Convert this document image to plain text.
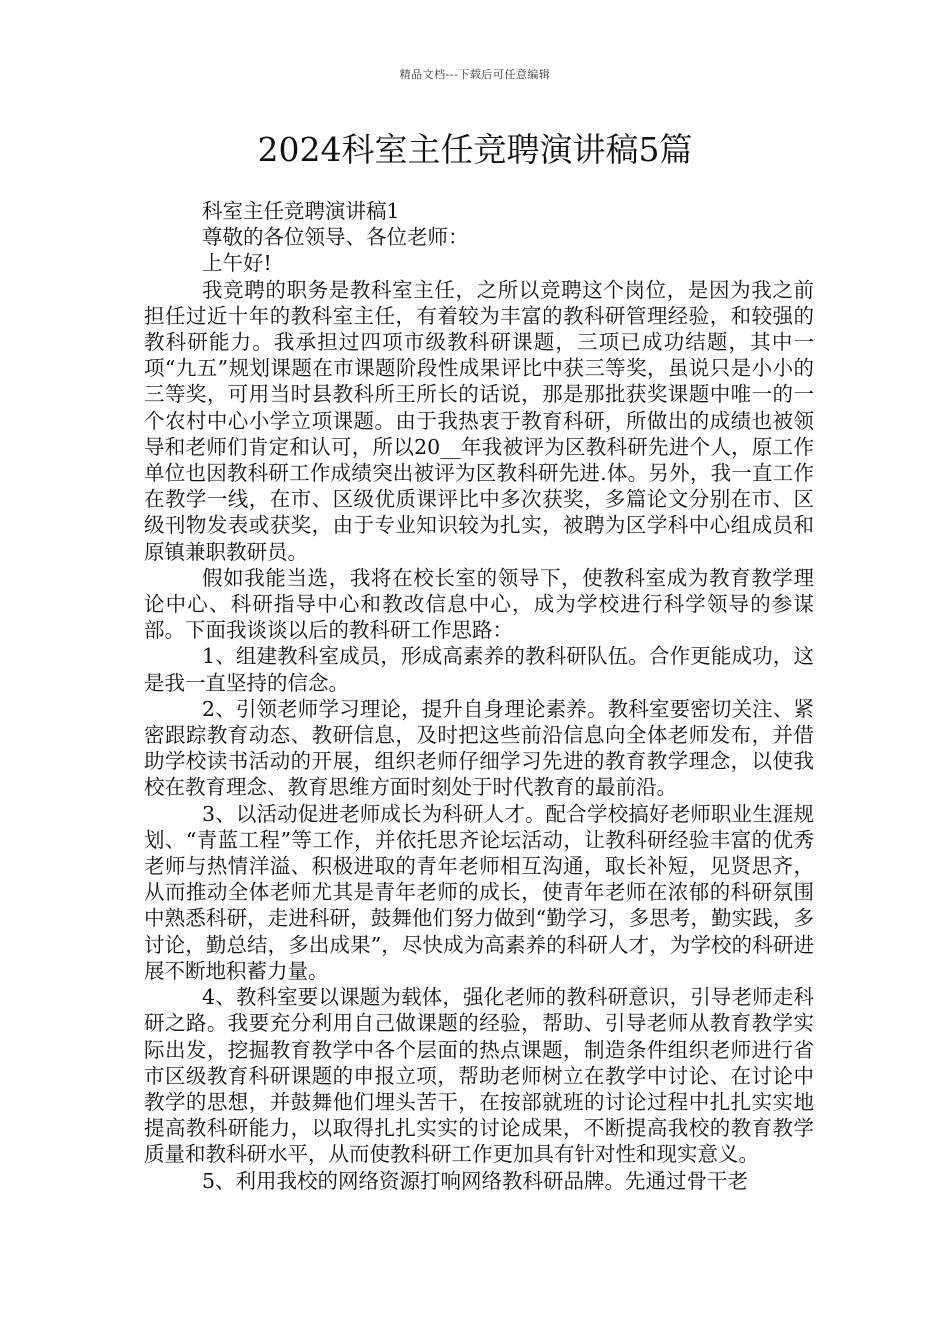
精品文档---下载后可任意编辑
2024科室主任竞聘演讲稿5篇

科室主任竞聘演讲稿1

尊敬的各位领导、各位老师：

上午好!

我竞聘的职务是教科室主任，之所以竞聘这个岗位，是因为我之前担任过近十年的教科室主任，有着较为丰富的教科研管理经验，和较强的教科研能力。我承担过四项市级教科研课题，三项已成功结题，其中一项“九五”规划课题在市课题阶段性成果评比中获三等奖，虽说只是小小的三等奖，可用当时县教科所王所长的话说，那是那批获奖课题中唯一的一个农村中心小学立项课题。由于我热衷于教育科研，所做出的成绩也被领导和老师们肯定和认可，所以20__年我被评为区教科研先进个人，原工作单位也因教科研工作成绩突出被评为区教科研先进.体。另外，我一直工作在教学一线，在市、区级优质课评比中多次获奖，多篇论文分别在市、区级刊物发表或获奖，由于专业知识较为扎实，被聘为区学科中心组成员和原镇兼职教研员。

假如我能当选，我将在校长室的领导下，使教科室成为教育教学理论中心、科研指导中心和教改信息中心，成为学校进行科学领导的参谋部。下面我谈谈以后的教科研工作思路：

1、组建教科室成员，形成高素养的教科研队伍。合作更能成功，这是我一直坚持的信念。

2、引领老师学习理论，提升自身理论素养。教科室要密切关注、紧密跟踪教育动态、教研信息，及时把这些前沿信息向全体老师发布，并借助学校读书活动的开展，组织老师仔细学习先进的教育教学理念，以使我校在教育理念、教育思维方面时刻处于时代教育的最前沿。

3、以活动促进老师成长为科研人才。配合学校搞好老师职业生涯规划、“青蓝工程”等工作，并依托思齐论坛活动，让教科研经验丰富的优秀老师与热情洋溢、积极进取的青年老师相互沟通，取长补短，见贤思齐，从而推动全体老师尤其是青年老师的成长，使青年老师在浓郁的科研氛围中熟悉科研，走进科研，鼓舞他们努力做到“勤学习，多思考，勤实践，多讨论，勤总结，多出成果”，尽快成为高素养的科研人才，为学校的科研进展不断地积蓄力量。

4、教科室要以课题为载体，强化老师的教科研意识，引导老师走科研之路。我要充分利用自己做课题的经验，帮助、引导老师从教育教学实际出发，挖掘教育教学中各个层面的热点课题，制造条件组织老师进行省市区级教育科研课题的申报立项，帮助老师树立在教学中讨论、在讨论中教学的思想，并鼓舞他们埋头苦干，在按部就班的讨论过程中扎扎实实地提高教科研能力，以取得扎扎实实的讨论成果，不断提高我校的教育教学质量和教科研水平，从而使教科研工作更加具有针对性和现实意义。

5、利用我校的网络资源打响网络教科研品牌。先通过骨干老
